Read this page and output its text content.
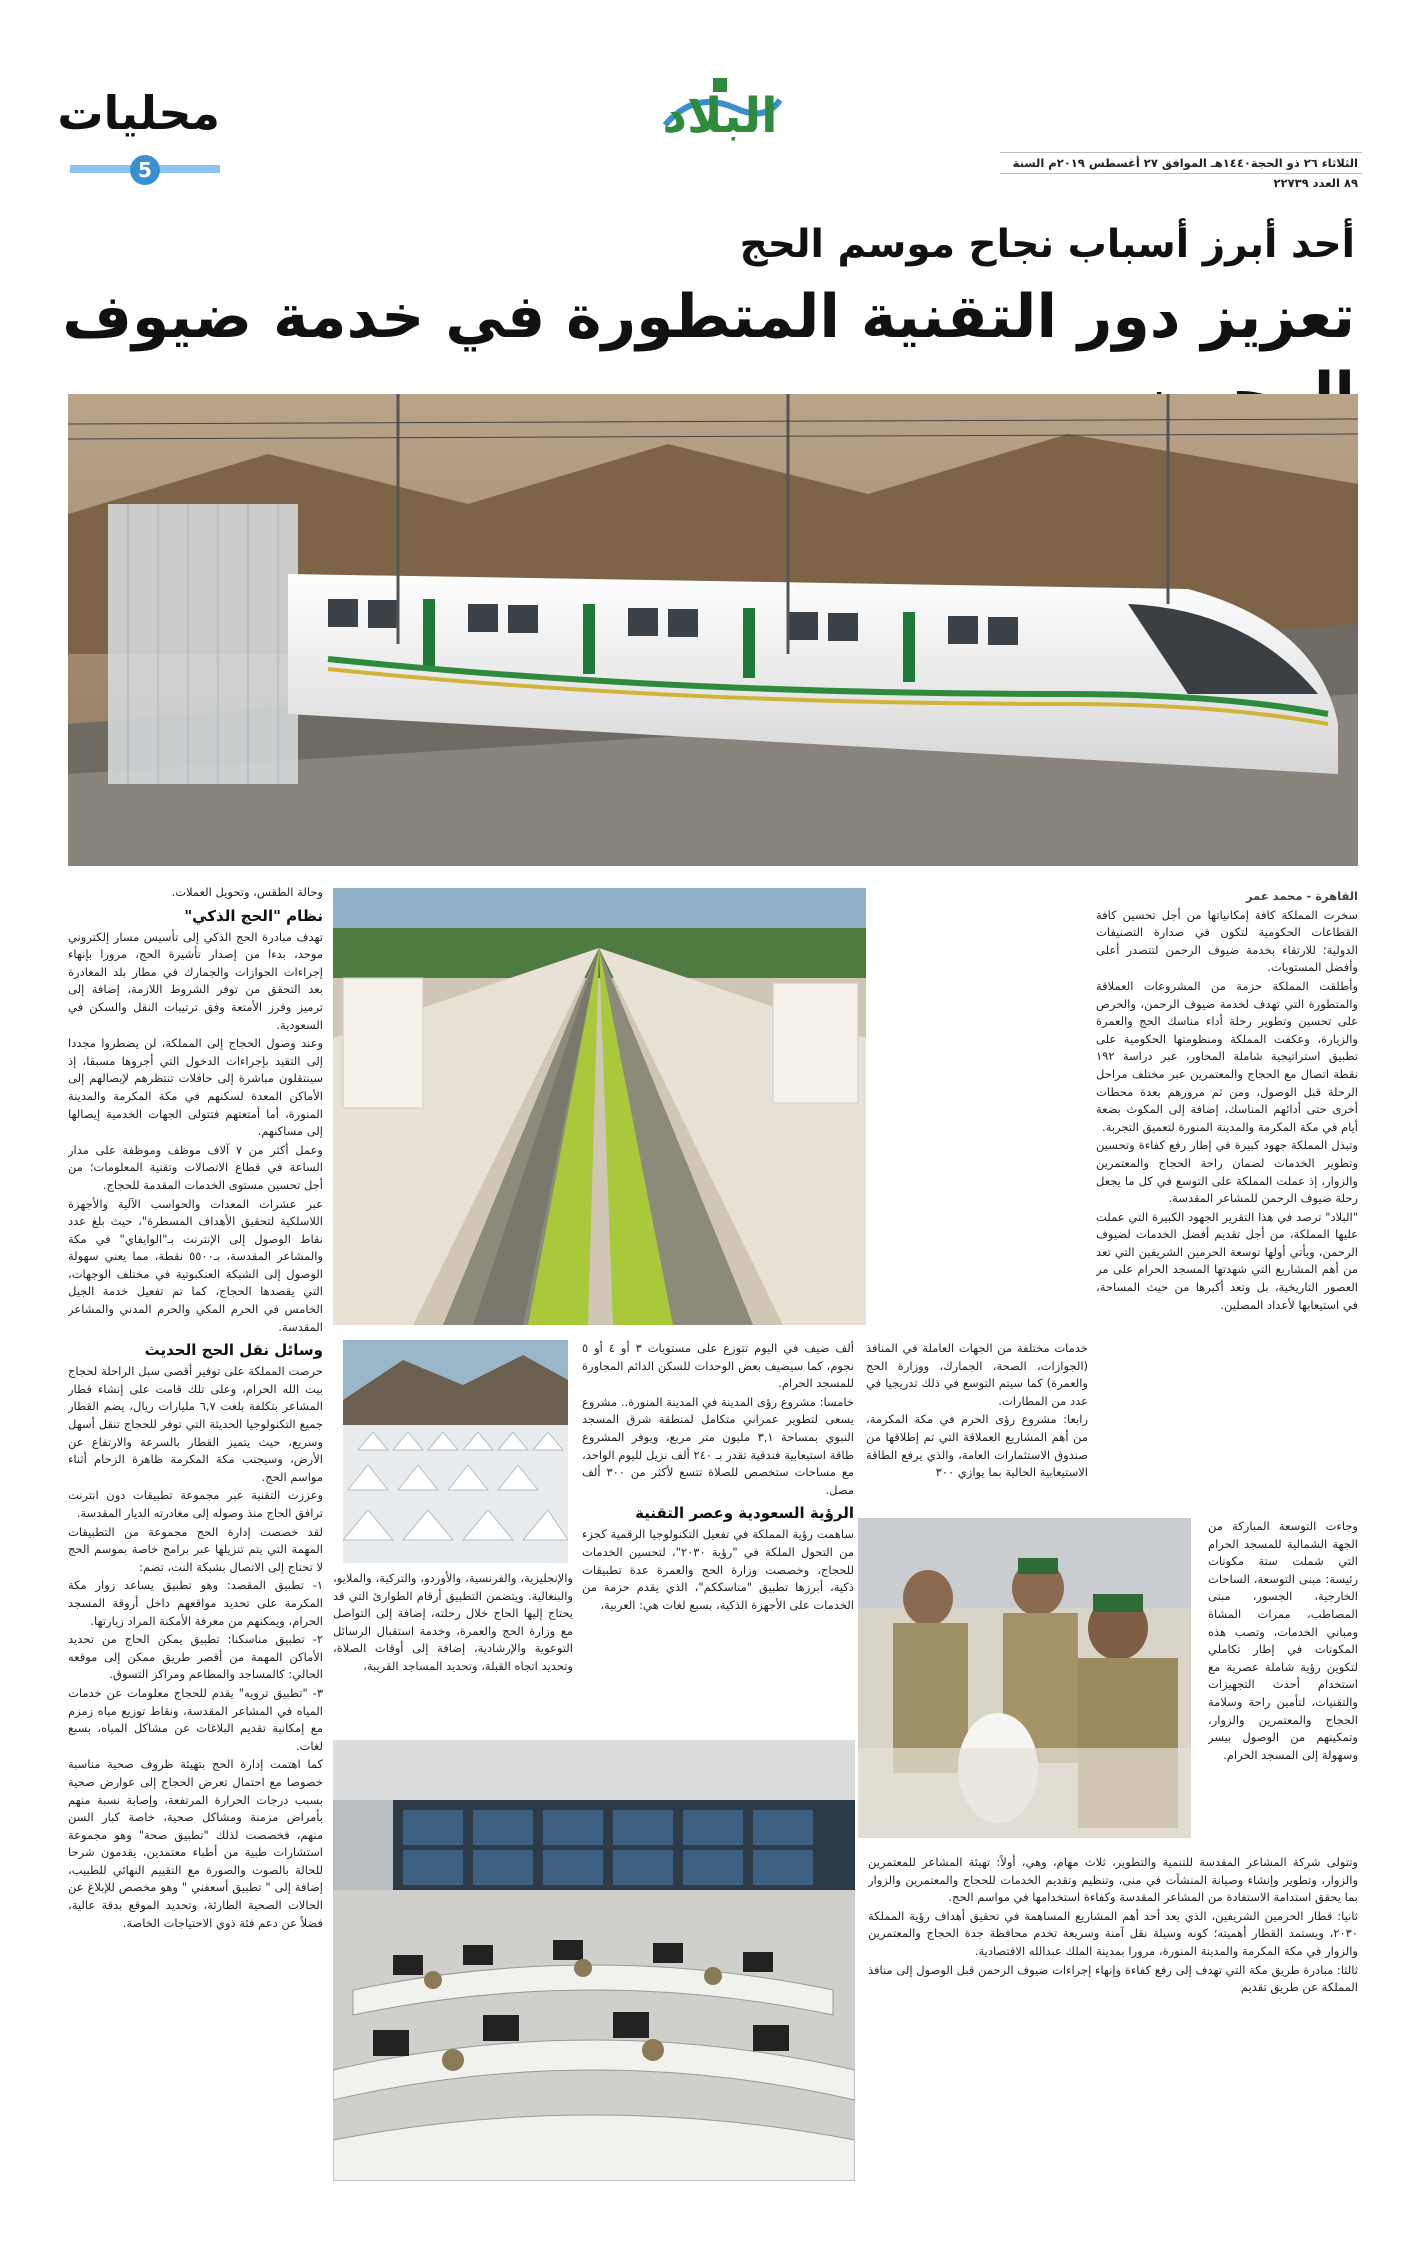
محليات
5
البلاد
الثلاثاء ٢٦ ذو الحجة١٤٤٠هـ الموافق ٢٧ أغسطس ٢٠١٩م السنة ٨٩ العدد ٢٢٧٣٩
أحد أبرز أسباب نجاح موسم الحج
تعزيز دور التقنية المتطورة في خدمة ضيوف

القاهرة - محمد عمر

سخرت المملكة كافة إمكانياتها من أجل تحسين كافة القطاعات الحكومية لتكون في صدارة التصنيفات الدولية؛ للارتقاء بخدمة ضيوف الرحمن لتتصدر أعلى وأفضل المستويات.

وأطلقت المملكة حزمة من المشروعات العملاقة والمتطورة التي تهدف لخدمة ضيوف الرحمن، والحرص على تحسين وتطوير رحلة أداء مناسك الحج والعمرة والزيارة، وعكفت المملكة ومنظومتها الحكومية على تطبيق استراتيجية شاملة المحاور، عبر دراسة ١٩٢ نقطة اتصال مع الحجاج والمعتمرين عبر مختلف مراحل الرحلة قبل الوصول، ومن ثم مرورهم بعدة محطات أخرى حتى أدائهم المناسك، إضافة إلى المكوث بضعة أيام في مكة المكرمة والمدينة المنورة لتعميق التجربة.

وتبذل المملكة جهود كبيرة في إطار رفع كفاءة وتحسين وتطوير الخدمات لضمان راحة الحجاج والمعتمرين والزوار، إذ عملت المملكة على التوسع في كل ما يجعل رحلة ضيوف الرحمن للمشاعر المقدسة.

"البلاد" ترصد في هذا التقرير الجهود الكبيرة التي عملت عليها المملكة، من أجل تقديم أفضل الخدمات لضيوف الرحمن، ويأتي أولها توسعة الحرمين الشريفين التي تعد من أهم المشاريع التي شهدتها المسجد الحرام على مر العصور التاريخية، بل وتعد أكبرها من حيث المساحة، في استيعابها لأعداد المصلين.

وجاءت التوسعة المباركة من الجهة الشمالية للمسجد الحرام التي شملت ستة مكونات رئيسة: مبنى التوسعة، الساحات الخارجية، الجسور، مبنى المصاطب، ممرات المشاة ومباني الخدمات، وتصب هذه المكونات في إطار تكاملي لتكوين رؤية شاملة عصرية مع استخدام أحدث التجهيزات والتقنيات، لتأمين راحة وسلامة الحجاج والمعتمرين والزوار، وتمكينهم من الوصول بيسر وسهولة إلى المسجد الحرام.

وتتولى شركة المشاعر المقدسة للتنمية والتطوير، ثلاث مهام، وهي، أولاً: تهيئة المشاعر للمعتمرين والزوار، وتطوير وإنشاء وصيانة المنشآت في منى، وتنظيم وتقديم الخدمات للحجاج والمعتمرين والزوار بما يحقق استدامة الاستفادة من المشاعر المقدسة وكفاءة استخدامها في مواسم الحج.

ثانيا: قطار الحرمين الشريفين، الذي يعد أحد أهم المشاريع المساهمة في تحقيق أهداف رؤية المملكة ٢٠٣٠، ويستمد القطار أهميته؛ كونه وسيلة نقل آمنة وسريعة تخدم محافظة جدة الحجاج والمعتمرين والزوار في مكة المكرمة والمدينة المنورة، مرورا بمدينة الملك عبدالله الاقتصادية.

ثالثا: مبادرة طريق مكة التي تهدف إلى رفع كفاءة وإنهاء إجراءات ضيوف الرحمن قبل الوصول إلى منافذ المملكة عن طريق تقديم

خدمات مختلفة من الجهات العاملة في المنافذ (الجوازات، الصحة، الجمارك، ووزارة الحج والعمرة) كما سيتم التوسع في ذلك تدريجيا في عدد من المطارات.

رابعا: مشروع رؤى الحرم في مكة المكرمة، من أهم المشاريع العملاقة التي تم إطلاقها من صندوق الاستثمارات العامة، والذي يرفع الطاقة الاستيعابية الحالية بما يوازي ٣٠٠

ألف ضيف في اليوم تتوزع على مستويات ٣ أو ٤ أو ٥ نجوم، كما سيضيف بعض الوحدات للسكن الدائم المجاورة للمسجد الحرام.

خامسا: مشروع رؤى المدينة في المدينة المنورة.. مشروع يسعى لتطوير عمراني متكامل لمنطقة شرق المسجد النبوي بمساحة ٣,١ مليون متر مربع، ويوفر المشروع طاقة استيعابية فندقية تقدر بـ ٢٤٠ ألف نزيل لليوم الواحد، مع مساحات ستخصص للصلاة تتسع لأكثر من ٣٠٠ ألف مصل.

الرؤية السعودية وعصر التقنية

ساهمت رؤية المملكة في تفعيل التكنولوجيا الرقمية كجزء من التحول الملكة في "رؤية ٢٠٣٠"، لتحسين الخدمات للحجاج، وخصصت وزارة الحج والعمرة عدة تطبيقات ذكية، أبرزها تطبيق "مناسككم"، الذي يقدم حزمة من الخدمات على الأجهزة الذكية، بسبع لغات هي: العربية،

والإنجليزية، والفرنسية، والأوردو، والتركية، والملايو، والبنغالية. ويتضمن التطبيق أرقام الطوارئ التي قد يحتاج إليها الحاج خلال رحلته، إضافة إلى التواصل مع وزارة الحج والعمرة، وخدمة استقبال الرسائل التوعوية والإرشادية، إضافة إلى أوقات الصلاة، وتحديد اتجاه القبلة، وتحديد المساجد القريبة،

وحالة الطقس، وتحويل العملات.

نظام "الحج الذكي"

تهدف مبادرة الحج الذكي إلى تأسيس مسار إلكتروني موحد، بدءا من إصدار تأشيرة الحج، مرورا بإنهاء إجراءات الجوازات والجمارك في مطار بلد المغادرة بعد التحقق من توفر الشروط اللازمة، إضافة إلى ترميز وفرز الأمتعة وفق ترتيبات النقل والسكن في السعودية.

وعند وصول الحجاج إلى المملكة، لن يضطروا مجددا إلى التقيد بإجراءات الدخول التي أجروها مسبقا، إذ سينتقلون مباشرة إلى حافلات تنتظرهم لإيصالهم إلى الأماكن المعدة لسكنهم في مكة المكرمة والمدينة المنورة، أما أمتعتهم فتتولى الجهات الخدمية إيصالها إلى مساكنهم.

وعمل أكثر من ٧ آلاف موظف وموظفة على مدار الساعة في قطاع الاتصالات وتقنية المعلومات؛ من أجل تحسين مستوى الخدمات المقدمة للحجاج.

عبر عشرات المعدات والحواسب الآلية والأجهزة اللاسلكية لتحقيق الأهداف المسطرة"، حيث بلغ عدد نقاط الوصول إلى الإنترنت بـ"الوايفاي" في مكة والمشاعر المقدسة، بـ٥٥٠٠ نقطة، مما يعني سهولة الوصول إلى الشبكة العنكبوتية في مختلف الوجهات، التي يقصدها الحجاج، كما تم تفعيل خدمة الجيل الخامس في الحرم المكي والحرم المدني والمشاعر المقدسة.

وسائل نقل الحج الحديث

حرصت المملكة على توفير أقصى سبل الراحلة لحجاج بيت الله الحرام، وعلى تلك قامت على إنشاء قطار المشاعر بتكلفة بلغت ٦,٧ مليارات ريال، يضم القطار جميع التكنولوجيا الحديثة التي توفر للحجاج تنقل أسهل وسريع، حيث يتميز القطار بالسرعة والارتفاع عن الأرض، وسيجنب مكة المكرمة ظاهرة الزحام أثناء مواسم الحج.

وعززت التقنية عبر مجموعة تطبيقات دون انترنت ترافق الحاج منذ وصوله إلى مغادرته الديار المقدسة.

لقد خصصت إدارة الحج مجموعة من التطبيقات المهمة التي يتم تنزيلها عبر برامج خاصة بموسم الحج لا تحتاج إلى الاتصال بشبكة النت، تضم:

١- تطبيق المقصد: وهو تطبيق يساعد زوار مكة المكرمة على تحديد مواقعهم داخل أروقة المسجد الحرام، ويمكنهم من معرفة الأمكنة المراد زيارتها.

٢- تطبيق مناسكنا: تطبيق يمكن الحاج من تحديد الأماكن المهمة من أقصر طريق ممكن إلى موقعه الحالي: كالمساجد والمطاعم ومراكز التسوق.

٣- "تطبيق ترويه" يقدم للحجاج معلومات عن خدمات المياه في المشاعر المقدسة، ونقاط توزيع مياه زمزم مع إمكانية تقديم البلاغات عن مشاكل المياه، بسبع لغات.

كما اهتمت إدارة الحج بتهيئة ظروف صحية مناسبة خصوصا مع احتمال تعرض الحجاج إلى عوارض صحية بسبب درجات الحرارة المرتفعة، وإصابة نسبة منهم بأمراض مزمنة ومشاكل صحية، خاصة كبار السن منهم، فخصصت لذلك "تطبيق صحة" وهو مجموعة استشارات طبية من أطباء معتمدين، يقدمون شرحا للحالة بالصوت والصورة مع التقييم النهائي للطبيب، إضافة إلى " تطبيق أسعفني " وهو مخصص للإبلاغ عن الحالات الصحية الطارئة، وتحديد الموقع بدقة عالية، فضلاً عن دعم فئة ذوي الاحتياجات الخاصة.
